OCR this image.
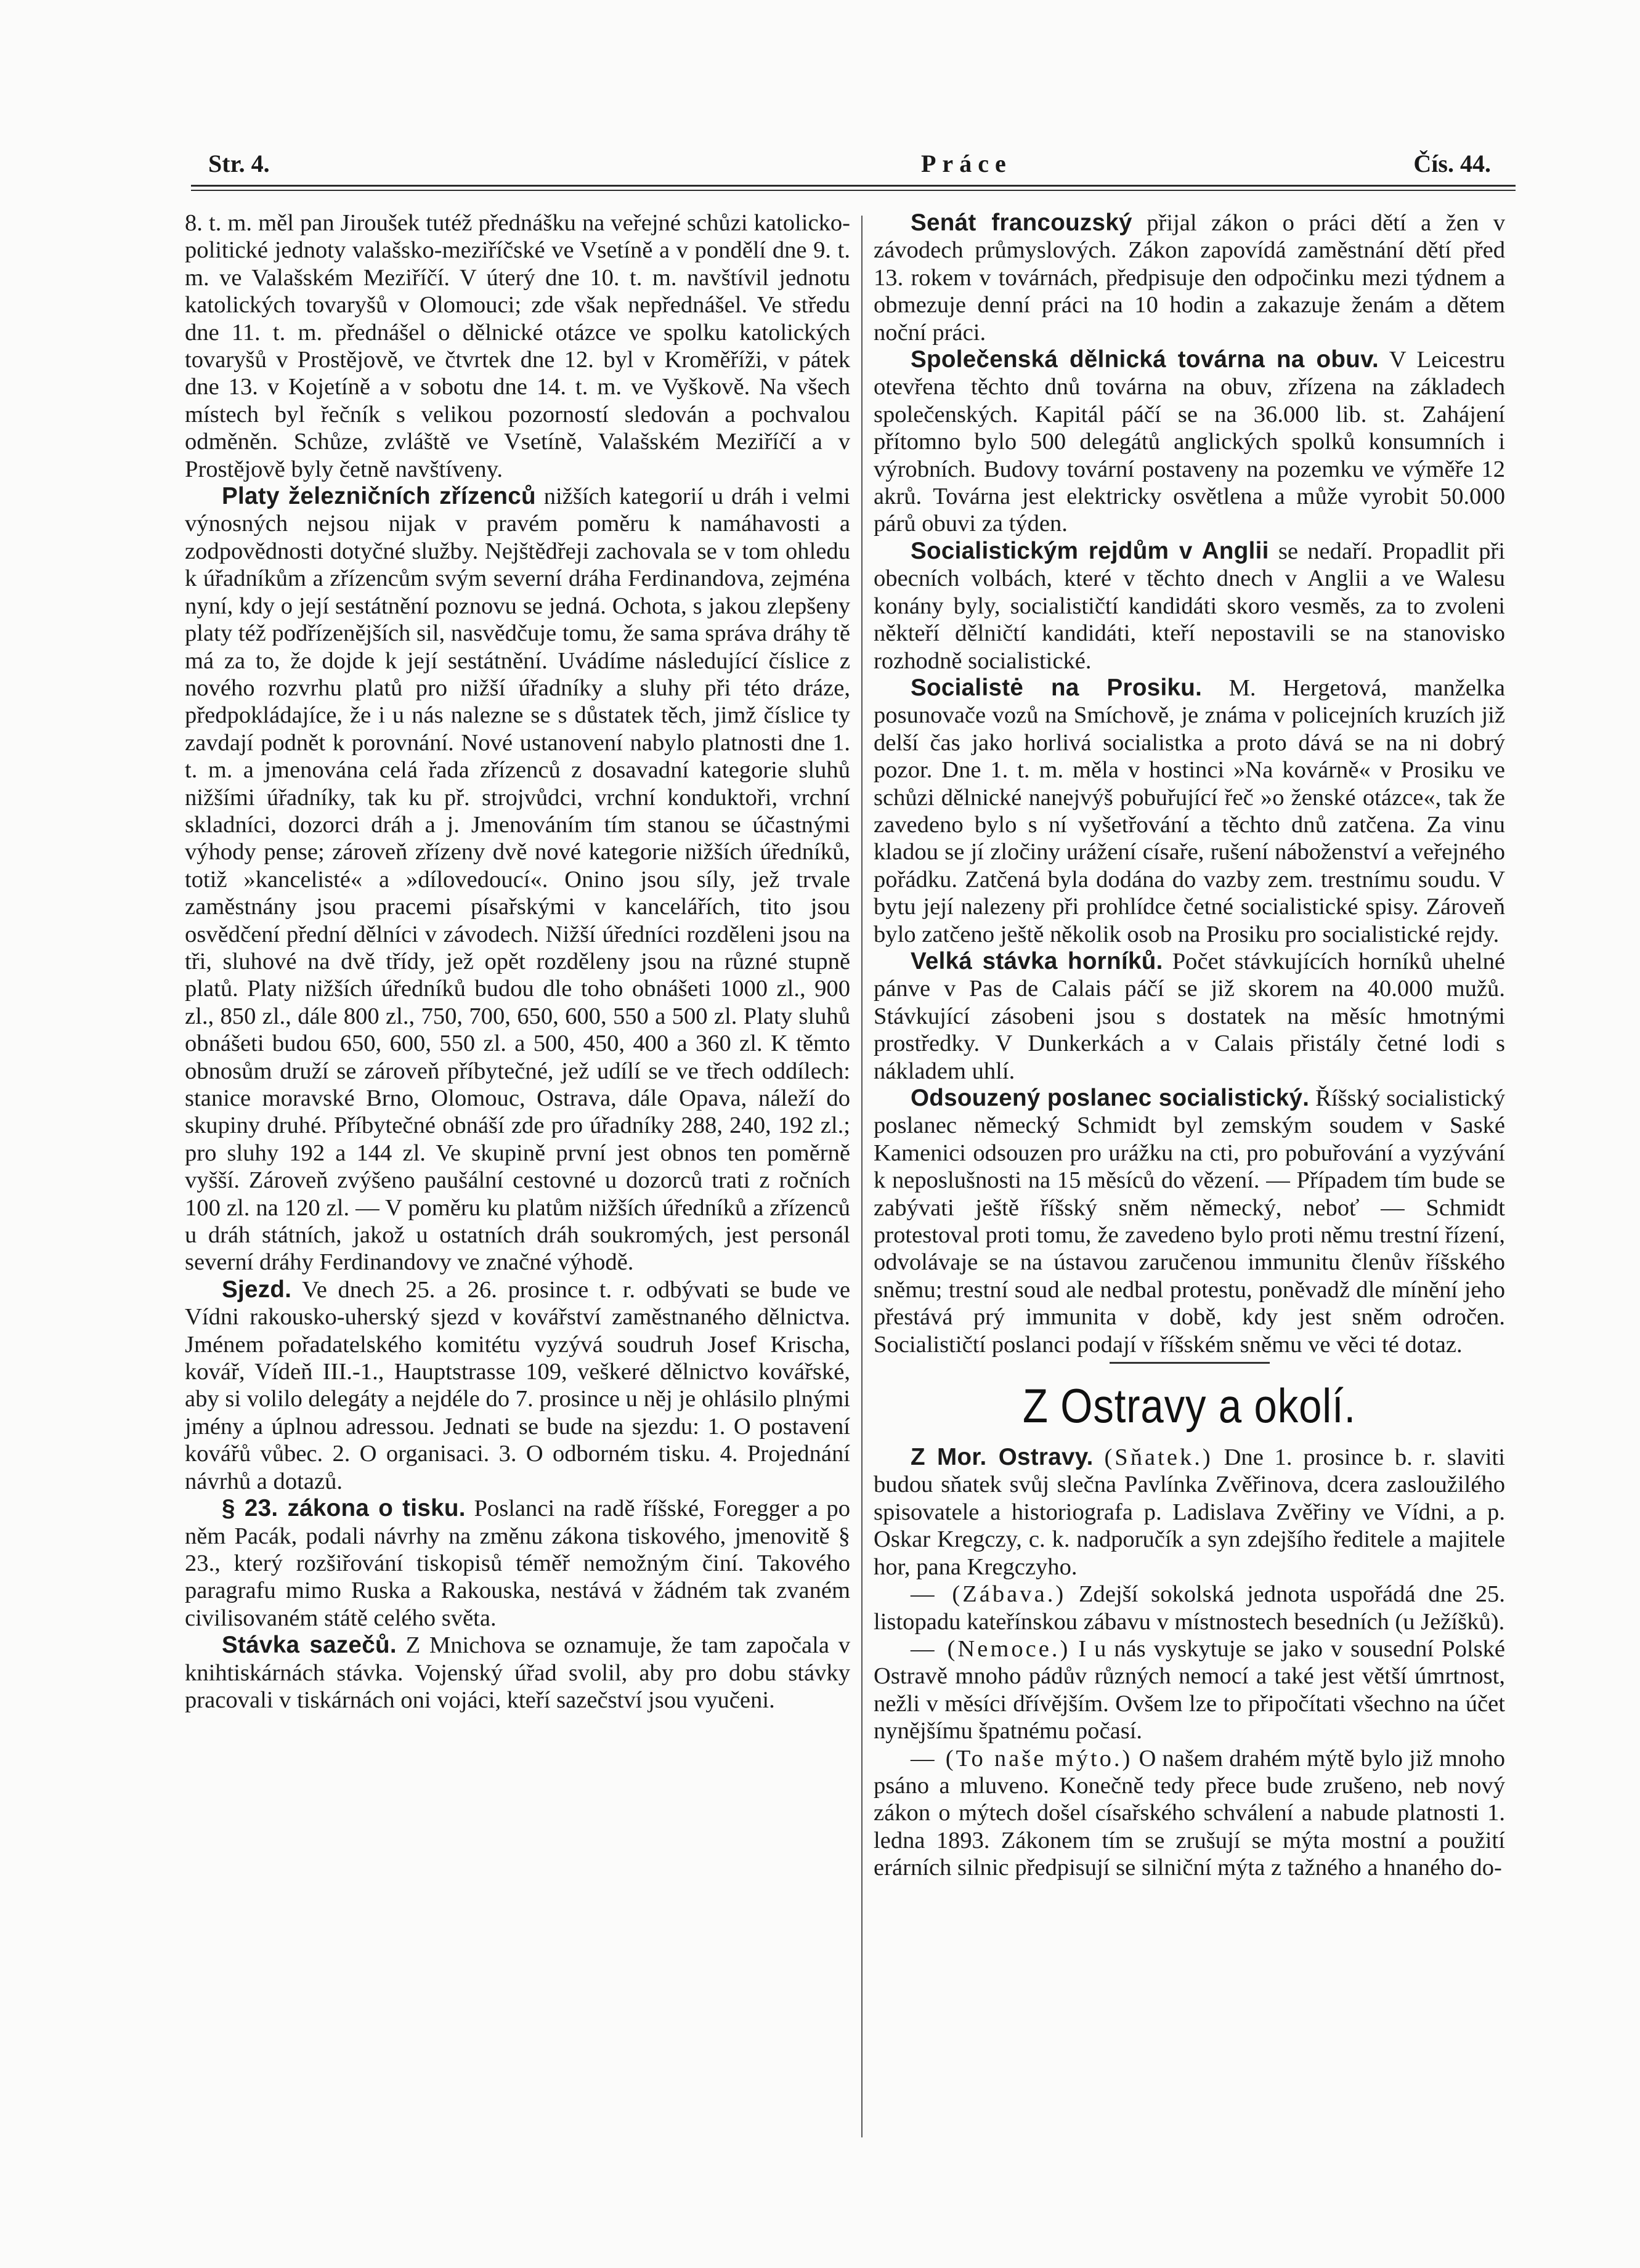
Str. 4.	Práce	Čís. 44.

8. t. m. měl pan Jiroušek tutéž přednášku na veřejné schůzi katolicko-politické jednoty valašsko-meziříčské ve Vsetíně a v pondělí dne 9. t. m. ve Valašském Meziříčí. V úterý dne 10. t. m. navštívil jednotu katolických tovaryšů v Olomouci; zde však nepřednášel. Ve středu dne 11. t. m. přednášel o dělnické otázce ve spolku katolických tovaryšů v Prostějově, ve čtvrtek dne 12. byl v Kroměříži, v pátek dne 13. v Kojetíně a v sobotu dne 14. t. m. ve Vyškově. Na všech místech byl řečník s velikou pozorností sledován a pochvalou odměněn. Schůze, zvláště ve Vsetíně, Valašském Meziříčí a v Prostějově byly četně navštíveny.

Platy železničních zřízenců nižších kategorií u dráh i velmi výnosných nejsou nijak v pravém poměru k namáhavosti a zodpovědnosti dotyčné služby. Nejštědřeji zachovala se v tom ohledu k úřadníkům a zřízencům svým severní dráha Ferdinandova, zejména nyní, kdy o její sestátnění poznovu se jedná. Ochota, s jakou zlepšeny platy též podřízenějších sil, nasvědčuje tomu, že sama správa dráhy tě má za to, že dojde k její sestátnění. Uvádíme následující číslice z nového rozvrhu platů pro nižší úřadníky a sluhy při této dráze, předpokládajíce, že i u nás nalezne se s důstatek těch, jimž číslice ty zavdají podnět k porovnání. Nové ustanovení nabylo platnosti dne 1. t. m. a jmenována celá řada zřízenců z dosavadní kategorie sluhů nižšími úřadníky, tak ku př. strojvůdci, vrchní konduktoři, vrchní skladníci, dozorci dráh a j. Jmenováním tím stanou se účastnými výhody pense; zároveň zřízeny dvě nové kategorie nižších úředníků, totiž »kancelisté« a »dílovedoucí«. Onino jsou síly, jež trvale zaměstnány jsou pracemi písařskými v kancelářích, tito jsou osvědčení přední dělníci v závodech. Nižší úředníci rozděleni jsou na tři, sluhové na dvě třídy, jež opět rozděleny jsou na různé stupně platů. Platy nižších úředníků budou dle toho obnášeti 1000 zl., 900 zl., 850 zl., dále 800 zl., 750, 700, 650, 600, 550 a 500 zl. Platy sluhů obnášeti budou 650, 600, 550 zl. a 500, 450, 400 a 360 zl. K těmto obnosům druží se zároveň příbytečné, jež udílí se ve třech oddílech: stanice moravské Brno, Olomouc, Ostrava, dále Opava, náleží do skupiny druhé. Příbytečné obnáší zde pro úřadníky 288, 240, 192 zl.; pro sluhy 192 a 144 zl. Ve skupině první jest obnos ten poměrně vyšší. Zároveň zvýšeno paušální cestovné u dozorců trati z ročních 100 zl. na 120 zl. — V poměru ku platům nižších úředníků a zřízenců u dráh státních, jakož u ostatních dráh soukromých, jest personál severní dráhy Ferdinandovy ve značné výhodě.

Sjezd. Ve dnech 25. a 26. prosince t. r. odbývati se bude ve Vídni rakousko-uherský sjezd v kovářství zaměstnaného dělnictva. Jménem pořadatelského komitétu vyzývá soudruh Josef Krischa, kovář, Vídeň III.-1., Hauptstrasse 109, veškeré dělnictvo kovářské, aby si volilo delegáty a nejdéle do 7. prosince u něj je ohlásilo plnými jmény a úplnou adressou. Jednati se bude na sjezdu: 1. O postavení kovářů vůbec. 2. O organisaci. 3. O odborném tisku. 4. Projednání návrhů a dotazů.

§ 23. zákona o tisku. Poslanci na radě říšské, Foregger a po něm Pacák, podali návrhy na změnu zákona tiskového, jmenovitě § 23., který rozšiřování tiskopisů téměř nemožným činí. Takového paragrafu mimo Ruska a Rakouska, nestává v žádném tak zvaném civilisovaném státě celého světa.

Stávka sazečů. Z Mnichova se oznamuje, že tam započala v knihtiskárnách stávka. Vojenský úřad svolil, aby pro dobu stávky pracovali v tiskárnách oni vojáci, kteří sazečství jsou vyučeni.

Senát francouzský přijal zákon o práci dětí a žen v závodech průmyslových. Zákon zapovídá zaměstnání dětí před 13. rokem v továrnách, předpisuje den odpočinku mezi týdnem a obmezuje denní práci na 10 hodin a zakazuje ženám a dětem noční práci.

Společenská dělnická továrna na obuv. V Leicestru otevřena těchto dnů továrna na obuv, zřízena na základech společenských. Kapitál páčí se na 36.000 lib. st. Zahájení přítomno bylo 500 delegátů anglických spolků konsumních i výrobních. Budovy tovární postaveny na pozemku ve výměře 12 akrů. Továrna jest elektricky osvětlena a může vyrobit 50.000 párů obuvi za týden.

Socialistickým rejdům v Anglii se nedaří. Propadlit při obecních volbách, které v těchto dnech v Anglii a ve Walesu konány byly, socialističtí kandidáti skoro vesměs, za to zvoleni někteří dělničtí kandidáti, kteří nepostavili se na stanovisko rozhodně socialistické.

Socialistė na Prosiku. M. Hergetová, manželka posunovače vozů na Smíchově, je známa v policejních kruzích již delší čas jako horlivá socialistka a proto dává se na ni dobrý pozor. Dne 1. t. m. měla v hostinci »Na kovárně« v Prosiku ve schůzi dělnické nanejvýš pobuřující řeč »o ženské otázce«, tak že zavedeno bylo s ní vyšetřování a těchto dnů zatčena. Za vinu kladou se jí zločiny urážení císaře, rušení náboženství a veřejného pořádku. Zatčená byla dodána do vazby zem. trestnímu soudu. V bytu její nalezeny při prohlídce četné socialistické spisy. Zároveň bylo zatčeno ještě několik osob na Prosiku pro socialistické rejdy.

Velká stávka horníků. Počet stávkujících horníků uhelné pánve v Pas de Calais páčí se již skorem na 40.000 mužů. Stávkující zásobeni jsou s dostatek na měsíc hmotnými prostředky. V Dunkerkách a v Calais přistály četné lodi s nákladem uhlí.

Odsouzený poslanec socialistický. Říšský socialistický poslanec německý Schmidt byl zemským soudem v Saské Kamenici odsouzen pro urážku na cti, pro pobuřování a vyzývání k neposlušnosti na 15 měsíců do vězení. — Případem tím bude se zabývati ještě říšský sněm německý, neboť — Schmidt protestoval proti tomu, že zavedeno bylo proti němu trestní řízení, odvolávaje se na ústavou zaručenou immunitu členův říšského sněmu; trestní soud ale nedbal protestu, poněvadž dle mínění jeho přestává prý immunita v době, kdy jest sněm odročen. Socialističtí poslanci podají v říšském sněmu ve věci té dotaz.

Z Ostravy a okolí.

Z Mor. Ostravy. (Sňatek.) Dne 1. prosince b. r. slaviti budou sňatek svůj slečna Pavlínka Zvěřinova, dcera zasloužilého spisovatele a historiografa p. Ladislava Zvěřiny ve Vídni, a p. Oskar Kregczy, c. k. nadporučík a syn zdejšího ředitele a majitele hor, pana Kregczyho.

— (Zábava.) Zdejší sokolská jednota uspořádá dne 25. listopadu kateřínskou zábavu v místnostech besedních (u Ježíšků).

— (Nemoce.) I u nás vyskytuje se jako v sousední Polské Ostravě mnoho pádův různých nemocí a také jest větší úmrtnost, nežli v měsíci dřívějším. Ovšem lze to připočítati všechno na účet nynějšímu špatnému počasí.

— (To naše mýto.) O našem drahém mýtě bylo již mnoho psáno a mluveno. Konečně tedy přece bude zrušeno, neb nový zákon o mýtech došel císařského schválení a nabude platnosti 1. ledna 1893. Zákonem tím se zrušují se mýta mostní a použití erárních silnic předpisují se silniční mýta z tažného a hnaného do-
